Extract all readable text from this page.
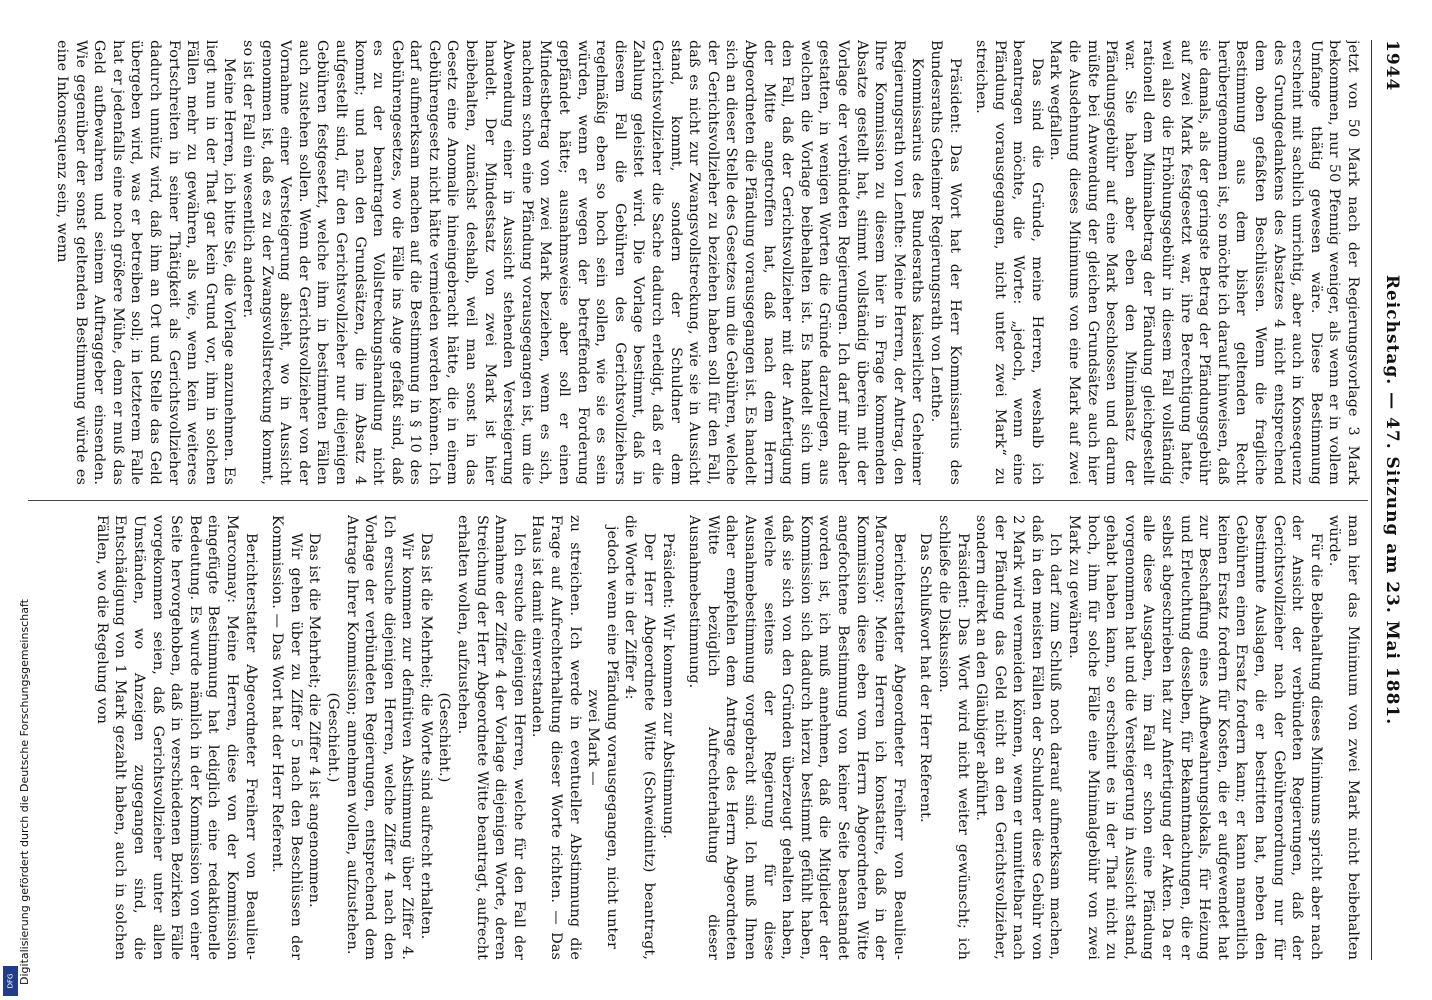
1944
Reichstag. — 47. Sitzung am 23. Mai 1881.

jetzt von 50 Mark nach der Regierungsvorlage 3 Mark bekommen, nur 50 Pfennig weniger, als wenn er in vollem Umfange thätig gewesen wäre. Diese Bestimmung erscheint mit sachlich unrichtig, aber auch in Konsequenz des Grundgedankens des Absatzes 4 nicht entsprechend dem oben gefaßten Beschlüssen. Wenn die fragliche Bestimmung aus dem bisher geltenden Recht herübergenommen ist, so möchte ich darauf hinweisen, daß sie damals, als der geringste Betrag der Pfändungsgebühr auf zwei Mark festgesetzt war, ihre Berechtigung hatte, weil also die Erhöhungsgebühr in diesem Fall vollständig rationell dem Minimalbetrag der Pfändung gleichgestellt war. Sie haben aber eben den Minimalsatz der Pfändungsgebühr auf eine Mark beschlossen und darum müßte bei Anwendung der gleichen Grundsätze auch hier die Ausdehnung dieses Minimums von eine Mark auf zwei Mark wegfallen.

Das sind die Gründe, meine Herren, weshalb ich beantragen möchte, die Worte: „jedoch, wenn eine Pfändung vorausgegangen, nicht unter zwei Mark“ zu streichen.

Präsident: Das Wort hat der Herr Kommissarius des Bundesraths Geheimer Regierungsrath von Lenthe.

Kommissarius des Bundesraths kaiserlicher Geheimer Regierungsrath von Lenthe: Meine Herren, der Antrag, den Ihre Kommission zu diesem hier in Frage kommenden Absatze gestellt hat, stimmt vollständig überein mit der Vorlage der verbündeten Regierungen. Ich darf mir daher gestatten, in wenigen Worten die Gründe darzulegen, aus welchen die Vorlage beibehalten ist. Es handelt sich um den Fall, daß der Gerichtsvollzieher mit der Anfertigung der Mitte angetroffen hat, daß nach dem Herrn Abgeordneten die Pfändung vorausgegangen ist. Es handelt sich an dieser Stelle des Gesetzes um die Gebühren, welche der Gerichtsvollzieher zu beziehen haben soll für den Fall, daß es nicht zur Zwangsvollstreckung, wie sie in Aussicht stand, kommt, sondern der Schuldner dem Gerichtsvollzieher die Sache dadurch erledigt, daß er die Zahlung geleistet wird. Die Vorlage bestimmt, daß in diesem Fall die Gebühren des Gerichtsvollziehers regelmäßig eben so hoch sein sollen, wie sie es sein würden, wenn er wegen der betreffenden Forderung gepfändet hätte; ausnahmsweise aber soll er einen Mindestbetrag von zwei Mark beziehen, wenn es sich, nachdem schon eine Pfändung vorausgegangen ist, um die Abwendung einer in Aussicht stehenden Versteigerung handelt. Der Mindestsatz von zwei Mark ist hier beibehalten, zunächst deshalb, weil man sonst in das Gesetz eine Anomalie hineingebracht hätte, die in einem Gebührengesetz nicht hätte vermieden werden können. Ich darf aufmerksam machen auf die Bestimmung in § 10 des Gebührengesetzes, wo die Fälle ins Auge gefaßt sind, daß es zu der beantragten Vollstreckungshandlung nicht kommt; und nach den Grundsätzen, die im Absatz 4 aufgestellt sind, für den Gerichtsvollzieher nur diejenigen Gebühren festgesetzt, welche ihm in bestimmten Fällen auch zustehen sollen. Wenn der Gerichtsvollzieher von der Vornahme einer Versteigerung absieht, wo in Aussicht genommen ist, daß es zu der Zwangsvollstreckung kommt, so ist der Fall ein wesentlich anderer.

Meine Herren, ich bitte Sie, die Vorlage anzunehmen. Es liegt nun in der That gar kein Grund vor, ihm in solchen Fällen mehr zu gewähren, als wie, wenn kein weiteres Fortschreiten in seiner Thätigkeit als Gerichtsvollzieher dadurch unnütz wird, daß ihm an Ort und Stelle das Geld übergeben wird, was er betreiben soll; in letzterem Falle hat er jedenfalls eine noch größere Mühe, denn er muß das Geld aufbewahren und seinem Auftraggeber einsenden. Wie gegenüber der sonst geltenden Bestimmung würde es eine Inkonsequenz sein, wenn

man hier das Minimum von zwei Mark nicht beibehalten würde.

Für die Beibehaltung dieses Minimums spricht aber nach der Ansicht der verbündeten Regierungen, daß der Gerichtsvollzieher nach der Gebührenordnung nur für bestimmte Auslagen, die er bestritten hat, neben den Gebühren einen Ersatz fordern kann; er kann namentlich keinen Ersatz fordern für Kosten, die er aufgewendet hat zur Beschaffung eines Aufbewahrungslokals, für Heizung und Erleuchtung desselben, für Bekanntmachungen, die er selbst abgeschrieben hat zur Anfertigung der Akten. Da er alle diese Ausgaben, im Fall er schon eine Pfändung vorgenommen hat und die Versteigerung in Aussicht stand, gehabt haben kann, so erscheint es in der That nicht zu hoch, ihm für solche Fälle eine Minimalgebühr von zwei Mark zu gewähren.

Ich darf zum Schluß noch darauf aufmerksam machen, daß in den meisten Fällen der Schuldner diese Gebühr von 2 Mark wird vermeiden können, wenn er unmittelbar nach der Pfändung das Geld nicht an den Gerichtsvollzieher, sondern direkt an den Gläubiger abführt.

Präsident: Das Wort wird nicht weiter gewünscht; ich schließe die Diskussion.

Das Schlußwort hat der Herr Referent.

Berichterstatter Abgeordneter Freiherr von Beaulieu-Marconnay: Meine Herren ich konstatire, daß in der Kommission diese eben vom Herrn Abgeordneten Witte angefochtene Bestimmung von keiner Seite beanstandet worden ist, ich muß annehmen, daß die Mitglieder der Kommission sich dadurch hierzu bestimmt gefühlt haben, daß sie sich von den Gründen überzeugt gehalten haben, welche seitens der Regierung für diese Ausnahmebestimmung vorgebracht sind. Ich muß Ihnen daher empfehlen dem Antrage des Herrn Abgeordneten Witte bezüglich Aufrechterhaltung dieser Ausnahmebestimmung.

Präsident: Wir kommen zur Abstimmung.

Der Herr Abgeordnete Witte (Schweidnitz) beantragt, die Worte in der Ziffer 4:

jedoch wenn eine Pfändung vorausgegangen, nicht unter zwei Mark —

zu streichen. Ich werde in eventueller Abstimmung die Frage auf Aufrechterhaltung dieser Worte richten. — Das Haus ist damit einverstanden.

Ich ersuche diejenigen Herren, welche für den Fall der Annahme der Ziffer 4 der Vorlage diejenigen Worte, deren Streichung der Herr Abgeordnete Witte beantragt, aufrecht erhalten wollen, aufzustehen.

(Geschieht.)

Das ist die Mehrheit; die Worte sind aufrecht erhalten.

Wir kommen zur definitiven Abstimmung über Ziffer 4. Ich ersuche diejenigen Herren, welche Ziffer 4 nach den Vorlage der verbündeten Regierungen, entsprechend dem Antrage Ihrer Kommission; annehmen wollen, aufzustehen.

(Geschieht.)

Das ist die Mehrheit; die Ziffer 4 ist angenommen.

Wir gehen über zu Ziffer 5 nach den Beschlüssen der Kommission. — Das Wort hat der Herr Referent.

Berichterstatter Abgeordneter Freiherr von Beaulieu-Marconnay: Meine Herren, diese von der Kommission eingefügte Bestimmung hat lediglich eine redaktionelle Bedeutung. Es wurde nämlich in der Kommission von einer Seite hervorgehoben, daß in verschiedenen Bezirken Fälle vorgekommen seien, daß Gerichtsvollzieher unter allen Umständen, wo Anzeigen zugegangen sind, die Entschädigung von 1 Mark gezahlt haben, auch in solchen Fällen, wo die Regelung von

DFG Digitalisierung gefördert durch die Deutsche Forschungsgemeinschaft
